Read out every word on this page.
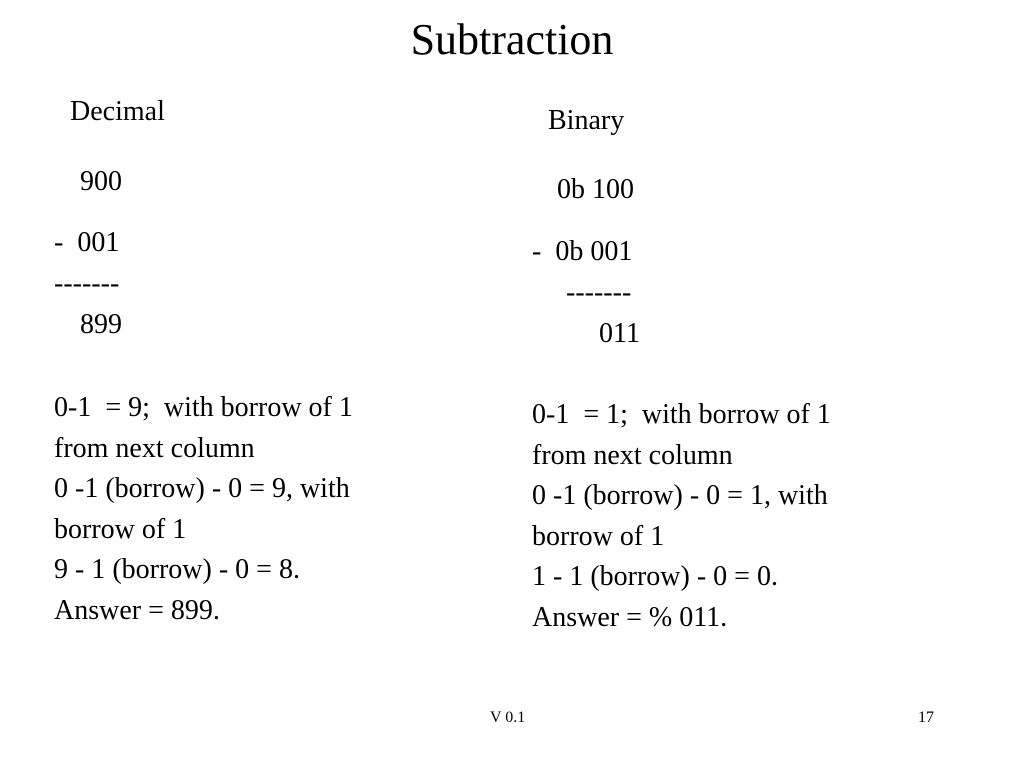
Subtraction
Decimal
900
-  001
-------
899
0-1  = 9;  with borrow of 1
from next column
0 -1 (borrow) - 0 = 9, with
borrow of 1
9 - 1 (borrow) - 0 = 8.
Answer = 899.
Binary
0b 100
-  0b 001
-------
011
0-1  = 1;  with borrow of 1
from next column
0 -1 (borrow) - 0 = 1, with
borrow of 1
1 - 1 (borrow) - 0 = 0.
Answer = % 011.
V 0.1	17
